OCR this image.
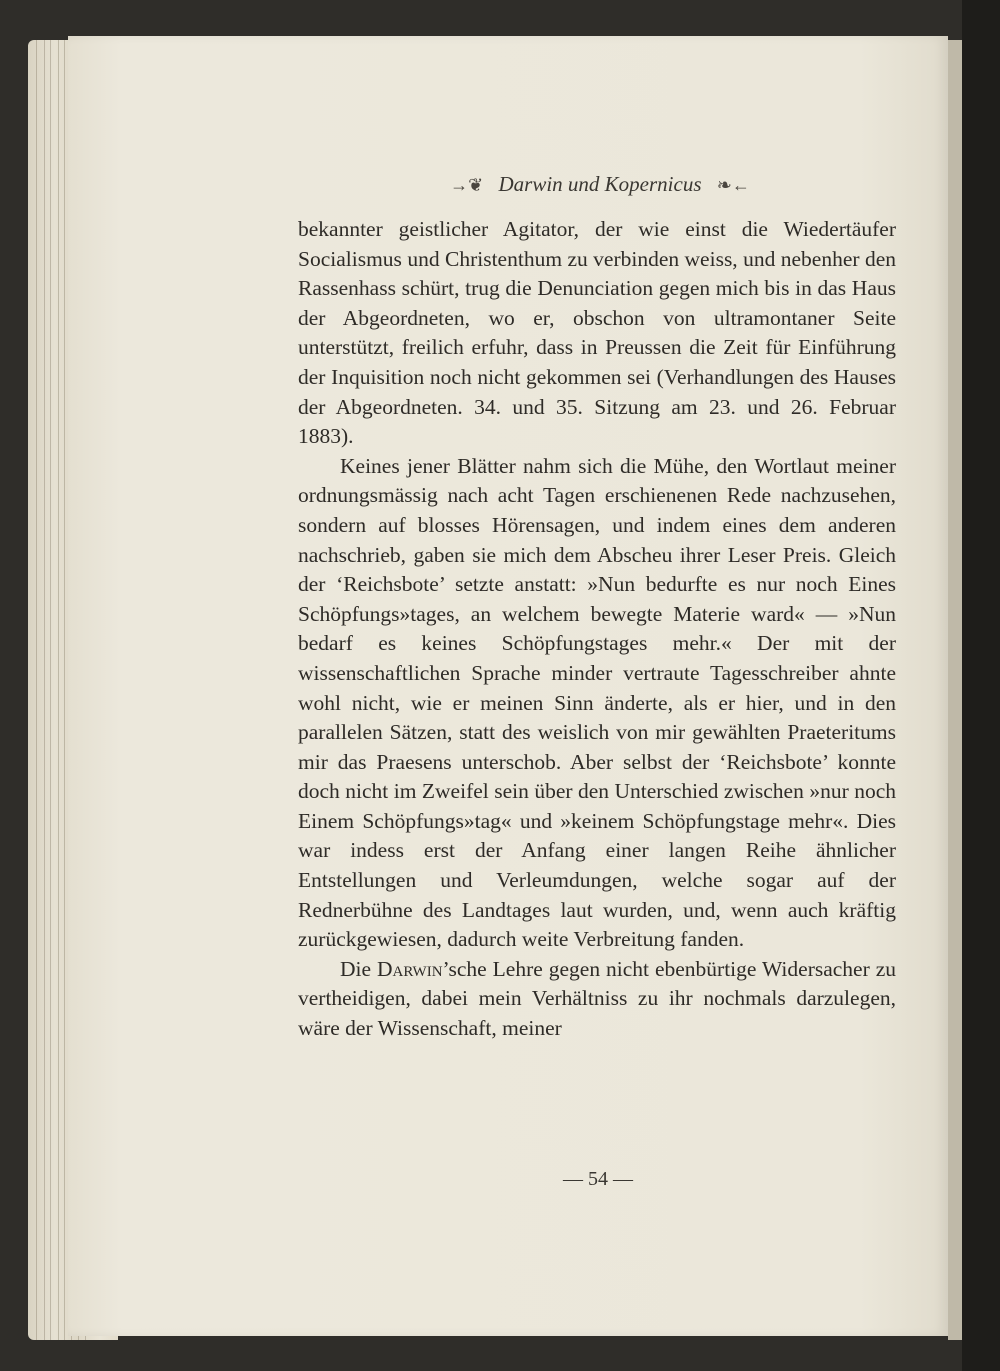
→❦ Darwin und Kopernicus ❧←

bekannter geistlicher Agitator, der wie einst die Wiedertäufer Socialismus und Christenthum zu verbinden weiss, und nebenher den Rassenhass schürt, trug die Denunciation gegen mich bis in das Haus der Abgeordneten, wo er, obschon von ultramontaner Seite unterstützt, freilich erfuhr, dass in Preussen die Zeit für Einführung der Inquisition noch nicht gekommen sei (Verhandlungen des Hauses der Abgeordneten. 34. und 35. Sitzung am 23. und 26. Februar 1883).

Keines jener Blätter nahm sich die Mühe, den Wortlaut meiner ordnungsmässig nach acht Tagen erschienenen Rede nachzusehen, sondern auf blosses Hörensagen, und indem eines dem anderen nachschrieb, gaben sie mich dem Abscheu ihrer Leser Preis. Gleich der ‘Reichsbote’ setzte anstatt: »Nun bedurfte es nur noch Eines Schöpfungs»tages, an welchem bewegte Materie ward« — »Nun bedarf es keines Schöpfungstages mehr.« Der mit der wissenschaftlichen Sprache minder vertraute Tagesschreiber ahnte wohl nicht, wie er meinen Sinn änderte, als er hier, und in den parallelen Sätzen, statt des weislich von mir gewählten Praeteritums mir das Praesens unterschob. Aber selbst der ‘Reichsbote’ konnte doch nicht im Zweifel sein über den Unterschied zwischen »nur noch Einem Schöpfungs»tag« und »keinem Schöpfungstage mehr«. Dies war indess erst der Anfang einer langen Reihe ähnlicher Entstellungen und Verleumdungen, welche sogar auf der Rednerbühne des Landtages laut wurden, und, wenn auch kräftig zurückgewiesen, dadurch weite Verbreitung fanden.

Die Darwin’sche Lehre gegen nicht ebenbürtige Widersacher zu vertheidigen, dabei mein Verhältniss zu ihr nochmals darzulegen, wäre der Wissenschaft, meiner

— 54 —
